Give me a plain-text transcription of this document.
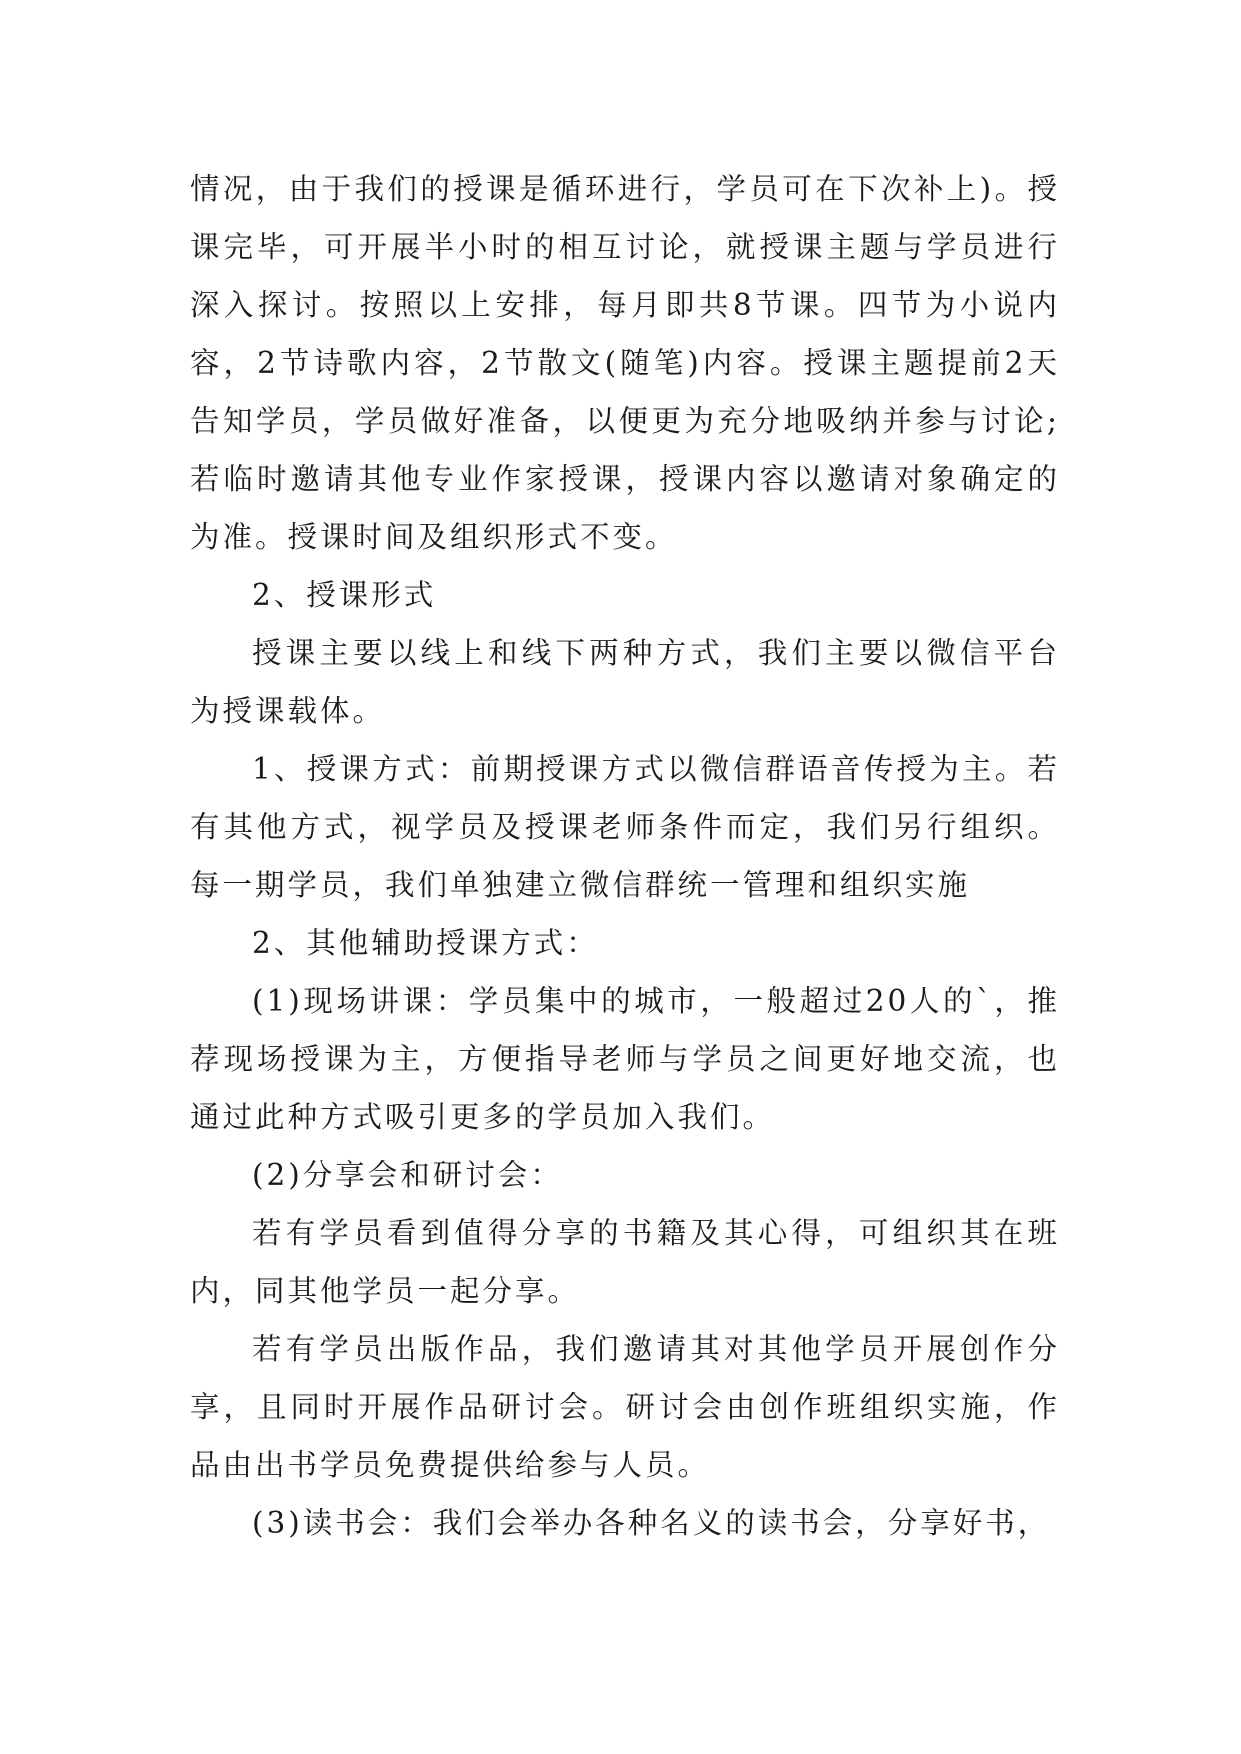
情况，由于我们的授课是循环进行，学员可在下次补上)。授课完毕，可开展半小时的相互讨论，就授课主题与学员进行深入探讨。按照以上安排，每月即共8节课。四节为小说内容，2节诗歌内容，2节散文(随笔)内容。授课主题提前2天告知学员，学员做好准备，以便更为充分地吸纳并参与讨论;若临时邀请其他专业作家授课，授课内容以邀请对象确定的为准。授课时间及组织形式不变。

2、授课形式

授课主要以线上和线下两种方式，我们主要以微信平台为授课载体。

1、授课方式：前期授课方式以微信群语音传授为主。若有其他方式，视学员及授课老师条件而定，我们另行组织。每一期学员，我们单独建立微信群统一管理和组织实施

2、其他辅助授课方式：

(1)现场讲课：学员集中的城市，一般超过20人的`，推荐现场授课为主，方便指导老师与学员之间更好地交流，也通过此种方式吸引更多的学员加入我们。

(2)分享会和研讨会：

若有学员看到值得分享的书籍及其心得，可组织其在班内，同其他学员一起分享。

若有学员出版作品，我们邀请其对其他学员开展创作分享，且同时开展作品研讨会。研讨会由创作班组织实施，作品由出书学员免费提供给参与人员。

(3)读书会：我们会举办各种名义的读书会，分享好书，
